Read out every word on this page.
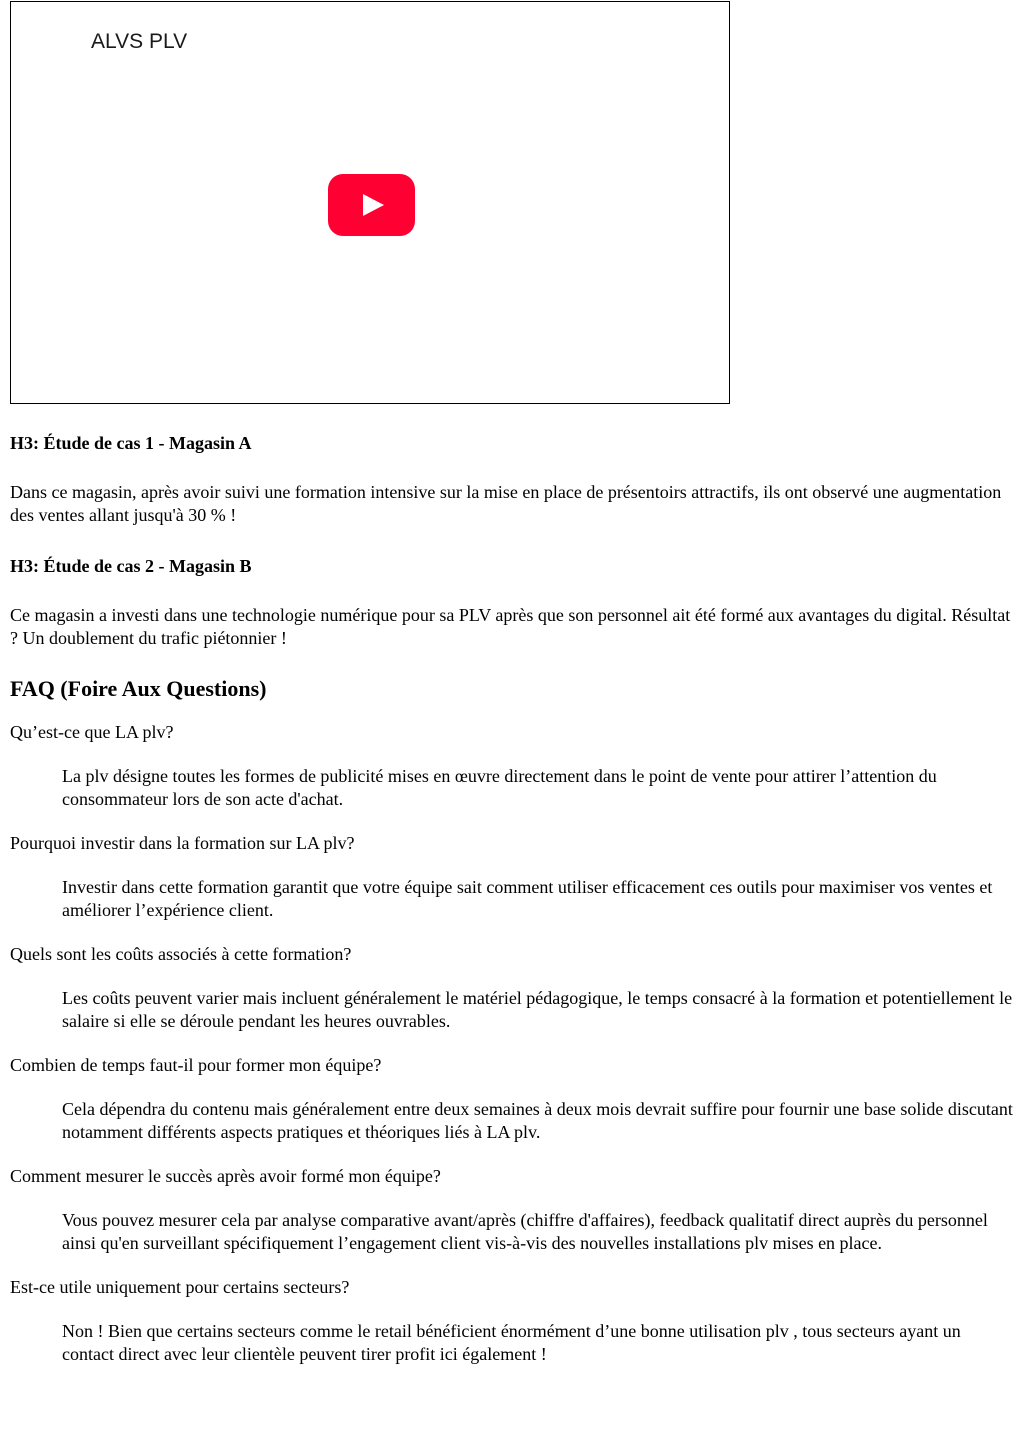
ALVS PLV
H3: Étude de cas 1 - Magasin A

Dans ce magasin, après avoir suivi une formation intensive sur la mise en place de présentoirs attractifs, ils ont observé une augmentation des ventes allant jusqu'à 30 % !

H3: Étude de cas 2 - Magasin B

Ce magasin a investi dans une technologie numérique pour sa PLV après que son personnel ait été formé aux avantages du digital. Résultat ? Un doublement du trafic piétonnier !

FAQ (Foire Aux Questions)
Qu’est-ce que LA plv?
La plv désigne toutes les formes de publicité mises en œuvre directement dans le point de vente pour attirer l’attention du consommateur lors de son acte d'achat.
Pourquoi investir dans la formation sur LA plv?
Investir dans cette formation garantit que votre équipe sait comment utiliser efficacement ces outils pour maximiser vos ventes et améliorer l’expérience client.
Quels sont les coûts associés à cette formation?
Les coûts peuvent varier mais incluent généralement le matériel pédagogique, le temps consacré à la formation et potentiellement le salaire si elle se déroule pendant les heures ouvrables.
Combien de temps faut-il pour former mon équipe?
Cela dépendra du contenu mais généralement entre deux semaines à deux mois devrait suffire pour fournir une base solide discutant notamment différents aspects pratiques et théoriques liés à LA plv.
Comment mesurer le succès après avoir formé mon équipe?
Vous pouvez mesurer cela par analyse comparative avant/après (chiffre d'affaires), feedback qualitatif direct auprès du personnel ainsi qu'en surveillant spécifiquement l’engagement client vis-à-vis des nouvelles installations plv mises en place.
Est-ce utile uniquement pour certains secteurs?
Non ! Bien que certains secteurs comme le retail bénéficient énormément d’une bonne utilisation plv , tous secteurs ayant un contact direct avec leur clientèle peuvent tirer profit ici également !
